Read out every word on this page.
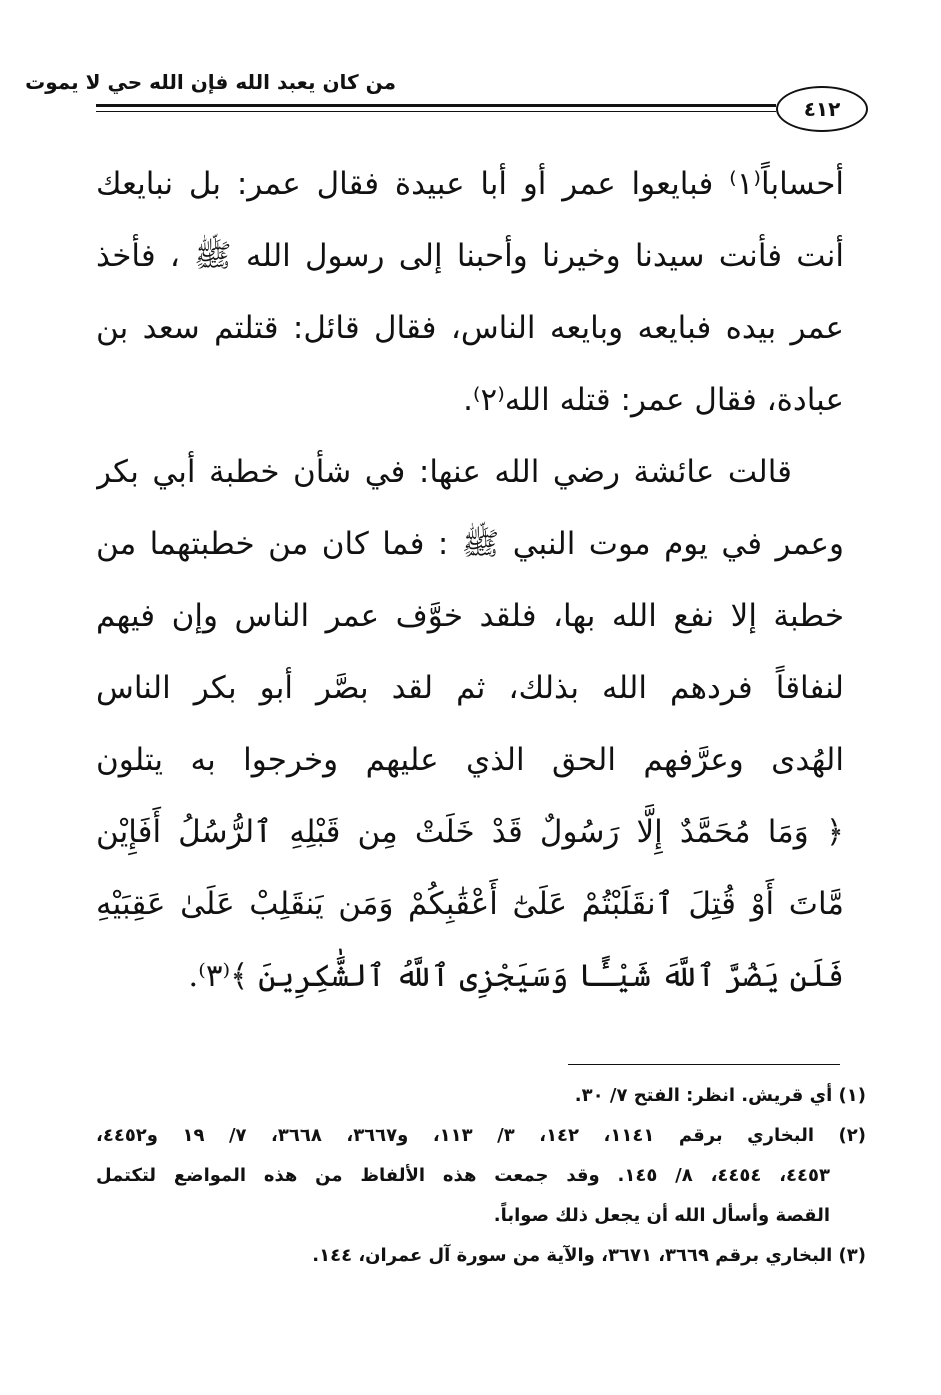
من كان يعبد الله فإن الله حي لا يموت
٤١٢
أحساباً⁽١⁾ فبايعوا عمر أو أبا عبيدة فقال عمر: بل نبايعك
أنت فأنت سيدنا وخيرنا وأحبنا إلى رسول الله ﷺ ، فأخذ
عمر بيده فبايعه وبايعه الناس، فقال قائل: قتلتم سعد بن
عبادة، فقال عمر: قتله الله⁽٢⁾.
قالت عائشة رضي الله عنها: في شأن خطبة أبي بكر
وعمر في يوم موت النبي ﷺ : فما كان من خطبتهما من
خطبة إلا نفع الله بها، فلقد خوَّف عمر الناس وإن فيهم
لنفاقاً فردهم الله بذلك، ثم لقد بصَّر أبو بكر الناس
الهُدى وعرَّفهم الحق الذي عليهم وخرجوا به يتلون
﴿ وَمَا مُحَمَّدٌ إِلَّا رَسُولٌ قَدْ خَلَتْ مِن قَبْلِهِ ٱلرُّسُلُ أَفَإِيْن
مَّاتَ أَوْ قُتِلَ ٱنقَلَبْتُمْ عَلَىٰٓ أَعْقَٰبِكُمْ وَمَن يَنقَلِبْ عَلَىٰ عَقِبَيْهِ
فَلَن يَضُرَّ ٱللَّهَ شَيْـًٔا وَسَيَجْزِى ٱللَّهُ ٱلشَّٰكِرِينَ ﴾⁽٣⁾.
(١) أي قريش. انظر: الفتح ٧/ ٣٠.
(٢) البخاري برقم ١١٤١، ١٤٢، ٣/ ١١٣، و٣٦٦٧، ٣٦٦٨، ٧/ ١٩ و٤٤٥٢،
٤٤٥٣، ٤٤٥٤، ٨/ ١٤٥. وقد جمعت هذه الألفاظ من هذه المواضع لتكتمل
القصة وأسأل الله أن يجعل ذلك صواباً.
(٣) البخاري برقم ٣٦٦٩، ٣٦٧١، والآية من سورة آل عمران، ١٤٤.
